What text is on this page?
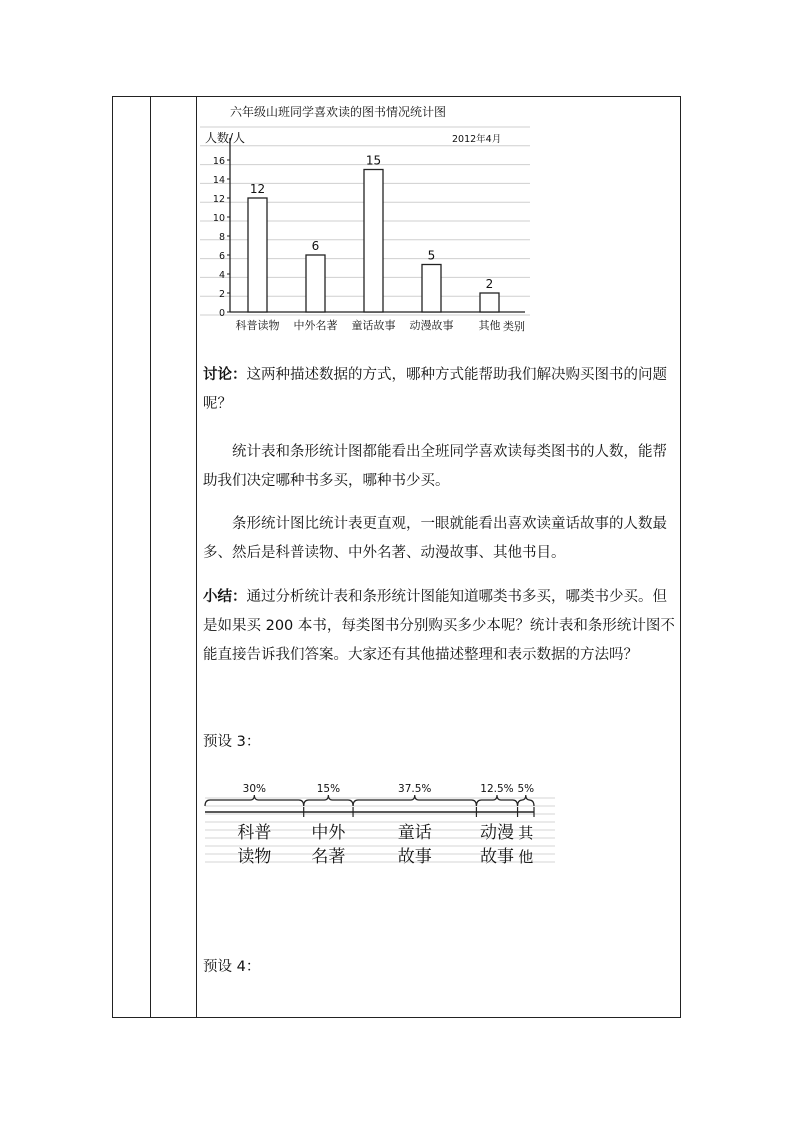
六年级山班同学喜欢读的图书情况统计图
2012年4月
人数/人
类别
0
2
4
6
8
10
12
14
16
12
6
15
5
2
科普读物 中外名著 童话故事 动漫故事 其他
讨论：这两种描述数据的方式，哪种方式能帮助我们解决购买图书的问题呢？
统计表和条形统计图都能看出全班同学喜欢读每类图书的人数，能帮助我们决定哪种书多买，哪种书少买。
条形统计图比统计表更直观，一眼就能看出喜欢读童话故事的人数最多、然后是科普读物、中外名著、动漫故事、其他书目。
小结：通过分析统计表和条形统计图能知道哪类书多买，哪类书少买。但是如果买 200 本书，每类图书分别购买多少本呢？统计表和条形统计图不能直接告诉我们答案。大家还有其他描述整理和表示数据的方法吗？
预设 3：
30%
科普
读物
15%
中外
名著
37.5%
童话
故事
12.5%
动漫
故事
5%
其
他
预设 4：
